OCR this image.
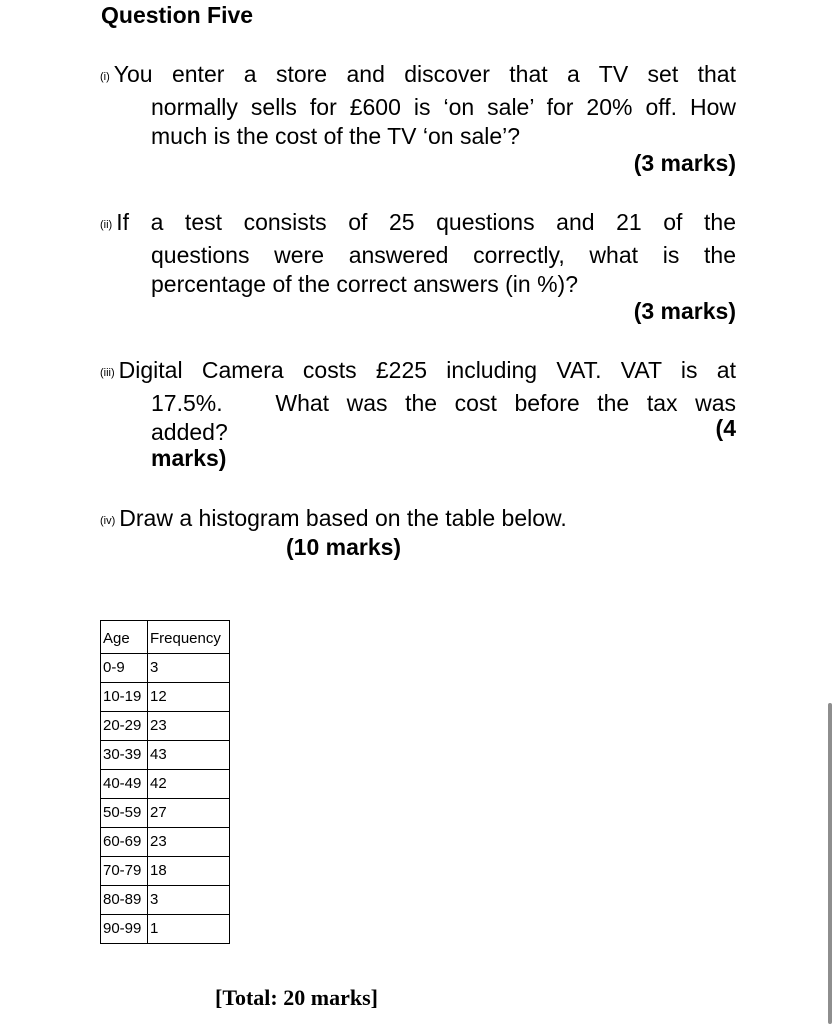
Question Five
(i) You enter a store and discover that a TV set that
normally sells for £600 is ‘on sale’ for 20% off. How
much is the cost of the TV ‘on sale’?
(3 marks)
(ii) If a test consists of 25 questions and 21 of the
questions were answered correctly, what is the
percentage of the correct answers (in %)?
(3 marks)
(iii) Digital Camera costs £225 including VAT. VAT is at
17.5%.   What was the cost before the tax was
added?	(4
marks)
(iv) Draw a histogram based on the table below.
(10 marks)
Age	Frequency
0-9	3
10-19	12
20-29	23
30-39	43
40-49	42
50-59	27
60-69	23
70-79	18
80-89	3
90-99	1
[Total: 20 marks]
